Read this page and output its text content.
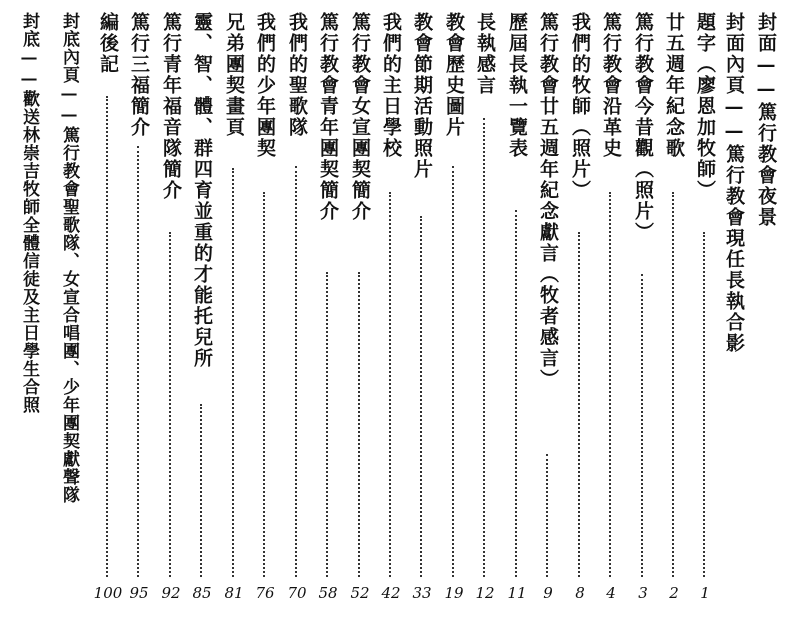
封面——篤行教會夜景
封面內頁——篤行教會現任長執合影
題字（廖恩加牧師）
1
廿五週年紀念歌
2
篤行教會今昔觀（照片）
3
篤行教會沿革史
4
我們的牧師（照片）
8
篤行教會廿五週年紀念獻言（牧者感言）
9
歷屆長執一覽表
11
長執感言
12
教會歷史圖片
19
教會節期活動照片
33
我們的主日學校
42
篤行教會女宣團契簡介
52
篤行教會青年團契簡介
58
我們的聖歌隊
70
我們的少年團契
76
兄弟團契畫頁
81
靈、智、體、群四育並重的才能托兒所
85
篤行青年福音隊簡介
92
篤行三福簡介
95
編後記
100
封底內頁——篤行教會聖歌隊、女宣合唱團、少年團契獻聲隊
封底——歡送林崇吉牧師全體信徒及主日學生合照
